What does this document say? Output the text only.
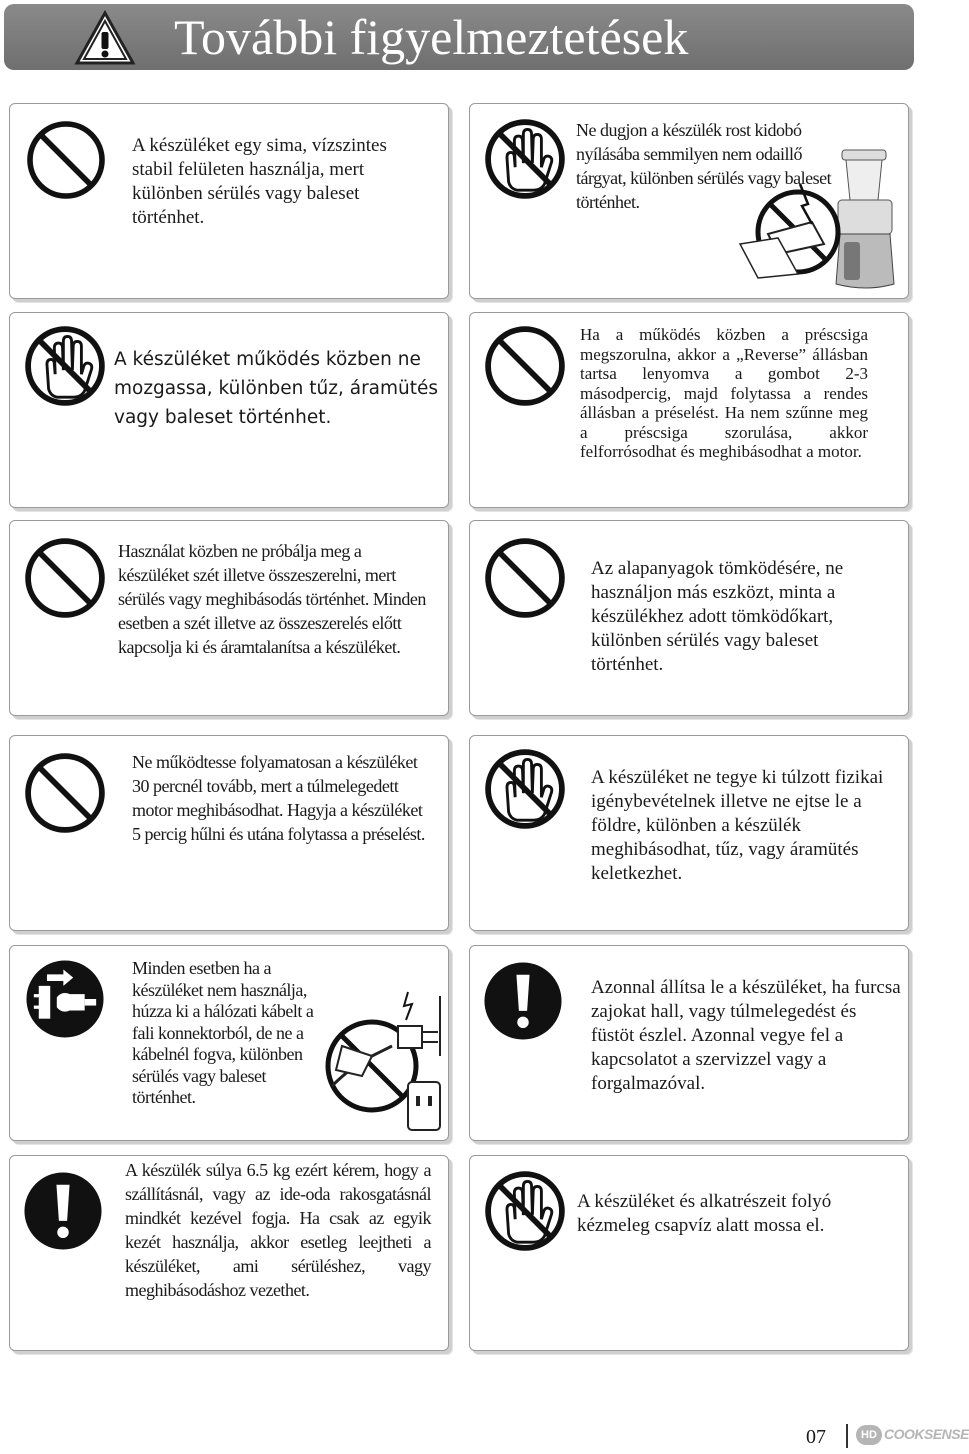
További figyelmeztetések
A készüléket egy sima, vízszintes stabil felületen használja, mert különben sérülés vagy baleset történhet.
Ne dugjon a készülék rost kidobó nyílásába semmilyen nem odaillő tárgyat, különben sérülés vagy baleset történhet.
A készüléket működés közben ne mozgassa, különben tűz, áramütés vagy baleset történhet.
Ha a működés közben a préscsiga megszorulna, akkor a „Reverse” állásban tartsa lenyomva a gombot 2-3 másodpercig, majd folytassa a rendes állásban a préselést. Ha nem szűnne meg a préscsiga szorulása, akkor felforrósodhat és meghibásodhat a motor.
Használat közben ne próbálja meg a készüléket szét illetve összeszerelni, mert sérülés vagy meghibásodás történhet. Minden esetben a szét illetve az összeszerelés előtt kapcsolja ki és áramtalanítsa a készüléket.
Az alapanyagok tömködésére, ne használjon más eszközt, minta a készülékhez adott tömködőkart, különben sérülés vagy baleset történhet.
Ne működtesse folyamatosan a készüléket 30 percnél tovább, mert a túlmelegedett motor meghibásodhat. Hagyja a készüléket 5 percig hűlni és utána folytassa a préselést.
A készüléket ne tegye ki túlzott fizikai igénybevételnek illetve ne ejtse le a földre, különben a készülék meghibásodhat, tűz, vagy áramütés keletkezhet.
Minden esetben ha a készüléket nem használja, húzza ki a hálózati kábelt a fali konnektorból, de ne a kábelnél fogva, különben sérülés vagy baleset történhet.
Azonnal állítsa le a készüléket, ha furcsa zajokat hall, vagy túlmelegedést és füstöt észlel. Azonnal vegye fel a kapcsolatot a szervizzel vagy a forgalmazóval.
A készülék súlya 6.5 kg ezért kérem, hogy a szállításnál, vagy az ide-oda rakosgatásnál mindkét kezével fogja. Ha csak az egyik kezét használja, akkor esetleg leejtheti a készüléket, ami sérüléshez, vagy meghibásodáshoz vezethet.
A készüléket és alkatrészeit folyó kézmeleg csapvíz alatt mossa el.
07	HD COOKSENSE
